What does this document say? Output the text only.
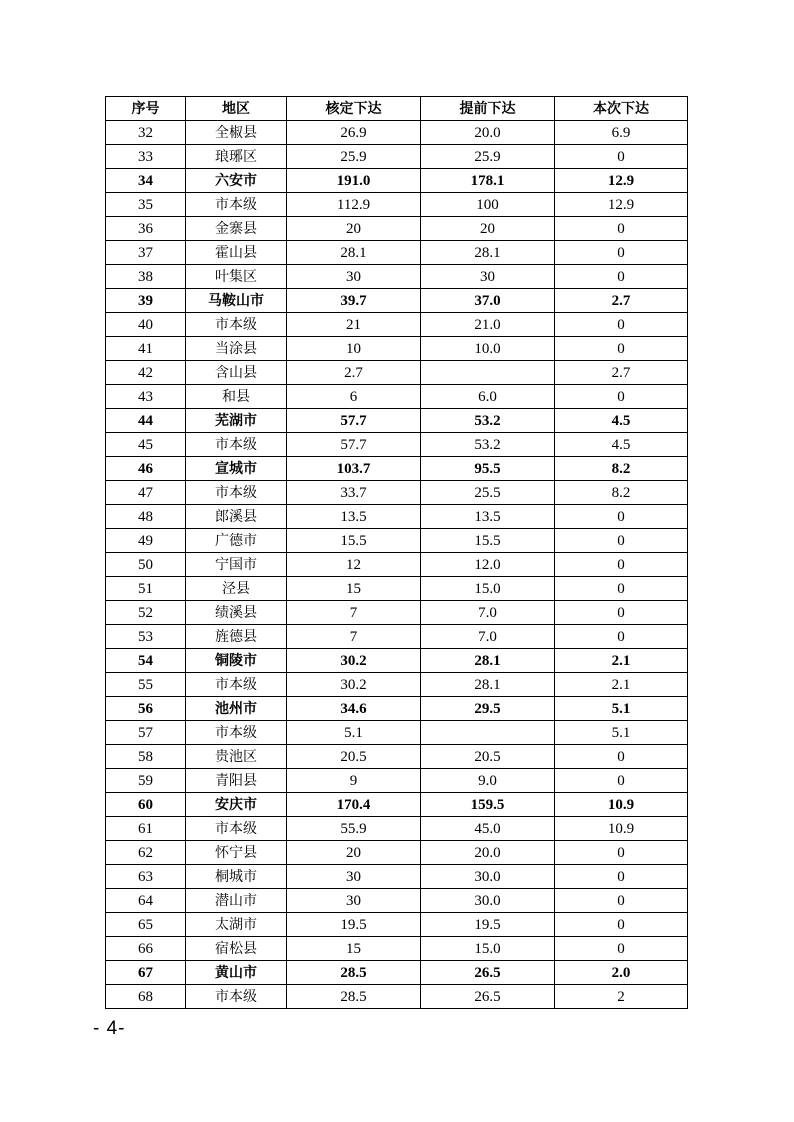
序号	地区	核定下达	提前下达	本次下达
32	全椒县	26.9	20.0	6.9
33	琅琊区	25.9	25.9	0
34	六安市	191.0	178.1	12.9
35	市本级	112.9	100	12.9
36	金寨县	20	20	0
37	霍山县	28.1	28.1	0
38	叶集区	30	30	0
39	马鞍山市	39.7	37.0	2.7
40	市本级	21	21.0	0
41	当涂县	10	10.0	0
42	含山县	2.7		2.7
43	和县	6	6.0	0
44	芜湖市	57.7	53.2	4.5
45	市本级	57.7	53.2	4.5
46	宣城市	103.7	95.5	8.2
47	市本级	33.7	25.5	8.2
48	郎溪县	13.5	13.5	0
49	广德市	15.5	15.5	0
50	宁国市	12	12.0	0
51	泾县	15	15.0	0
52	绩溪县	7	7.0	0
53	旌德县	7	7.0	0
54	铜陵市	30.2	28.1	2.1
55	市本级	30.2	28.1	2.1
56	池州市	34.6	29.5	5.1
57	市本级	5.1		5.1
58	贵池区	20.5	20.5	0
59	青阳县	9	9.0	0
60	安庆市	170.4	159.5	10.9
61	市本级	55.9	45.0	10.9
62	怀宁县	20	20.0	0
63	桐城市	30	30.0	0
64	潜山市	30	30.0	0
65	太湖市	19.5	19.5	0
66	宿松县	15	15.0	0
67	黄山市	28.5	26.5	2.0
68	市本级	28.5	26.5	2
- 4-
